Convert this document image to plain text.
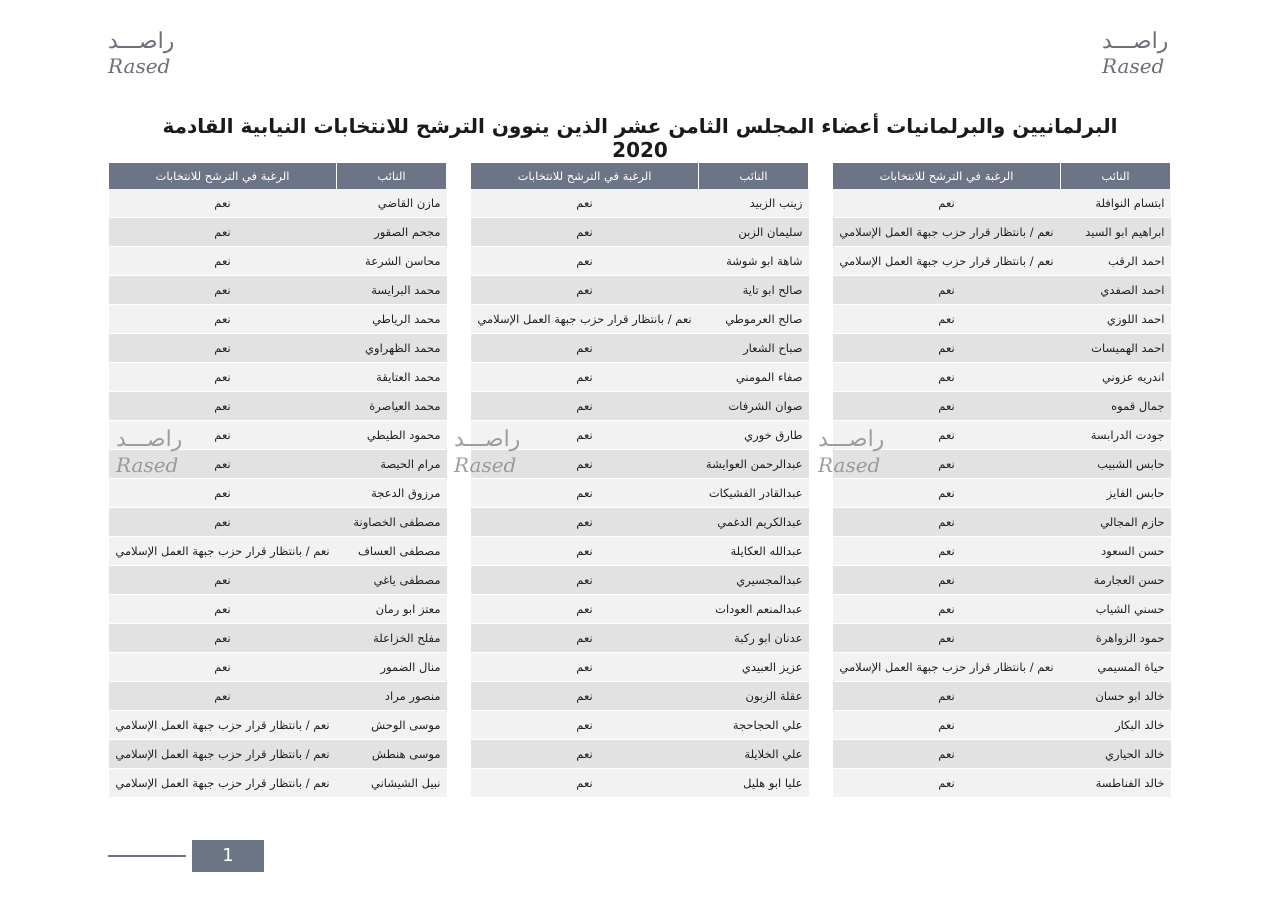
راصـــد
Rased
راصـــد
Rased
البرلمانيين والبرلمانيات أعضاء المجلس الثامن عشر الذين ينوون الترشح للانتخابات النيابية القادمة 2020
النائب	الرغبة في الترشح للانتخابات
ابتسام النوافلة	نعم
ابراهيم ابو السيد	نعم / بانتظار قرار حزب جبهة العمل الإسلامي
احمد الرقب	نعم / بانتظار قرار حزب جبهة العمل الإسلامي
احمد الصفدي	نعم
احمد اللوزي	نعم
احمد الهميسات	نعم
اندريه عزوني	نعم
جمال قموه	نعم
جودت الدرابسة	نعم
حابس الشبيب	نعم
حابس الفايز	نعم
حازم المجالي	نعم
حسن السعود	نعم
حسن العجارمة	نعم
حسني الشياب	نعم
حمود الزواهرة	نعم
حياة المسيمي	نعم / بانتظار قرار حزب جبهة العمل الإسلامي
خالد ابو حسان	نعم
خالد البكار	نعم
خالد الحياري	نعم
خالد الفناطسة	نعم
النائب	الرغبة في الترشح للانتخابات
زينب الزبيد	نعم
سليمان الزبن	نعم
شاهة ابو شوشة	نعم
صالح ابو تاية	نعم
صالح العرموطي	نعم / بانتظار قرار حزب جبهة العمل الإسلامي
صباح الشعار	نعم
صفاء المومني	نعم
صوان الشرفات	نعم
طارق خوري	نعم
عبدالرحمن العوايشة	نعم
عبدالقادر الفشيكات	نعم
عبدالكريم الدغمي	نعم
عبدالله العكايلة	نعم
عبدالمجسيري	نعم
عبدالمنعم العودات	نعم
عدنان ابو ركبة	نعم
عزيز العبيدي	نعم
عقلة الزبون	نعم
علي الحجاحجة	نعم
علي الخلايلة	نعم
عليا ابو هليل	نعم
النائب	الرغبة في الترشح للانتخابات
مازن القاضي	نعم
مجحم الصقور	نعم
محاسن الشرعة	نعم
محمد البرايسة	نعم
محمد الرياطي	نعم
محمد الظهراوي	نعم
محمد العتايقة	نعم
محمد العياصرة	نعم
محمود الطيطي	نعم
مرام الحيصة	نعم
مرزوق الدعجة	نعم
مصطفى الخصاونة	نعم
مصطفى العساف	نعم / بانتظار قرار حزب جبهة العمل الإسلامي
مصطفى ياغي	نعم
معتز ابو رمان	نعم
مفلح الخزاعلة	نعم
منال الضمور	نعم
منصور مراد	نعم
موسى الوحش	نعم / بانتظار قرار حزب جبهة العمل الإسلامي
موسى هنطش	نعم / بانتظار قرار حزب جبهة العمل الإسلامي
نبيل الشيشاني	نعم / بانتظار قرار حزب جبهة العمل الإسلامي
راصـــد
Rased
راصـــد
Rased
راصـــد
Rased
1
